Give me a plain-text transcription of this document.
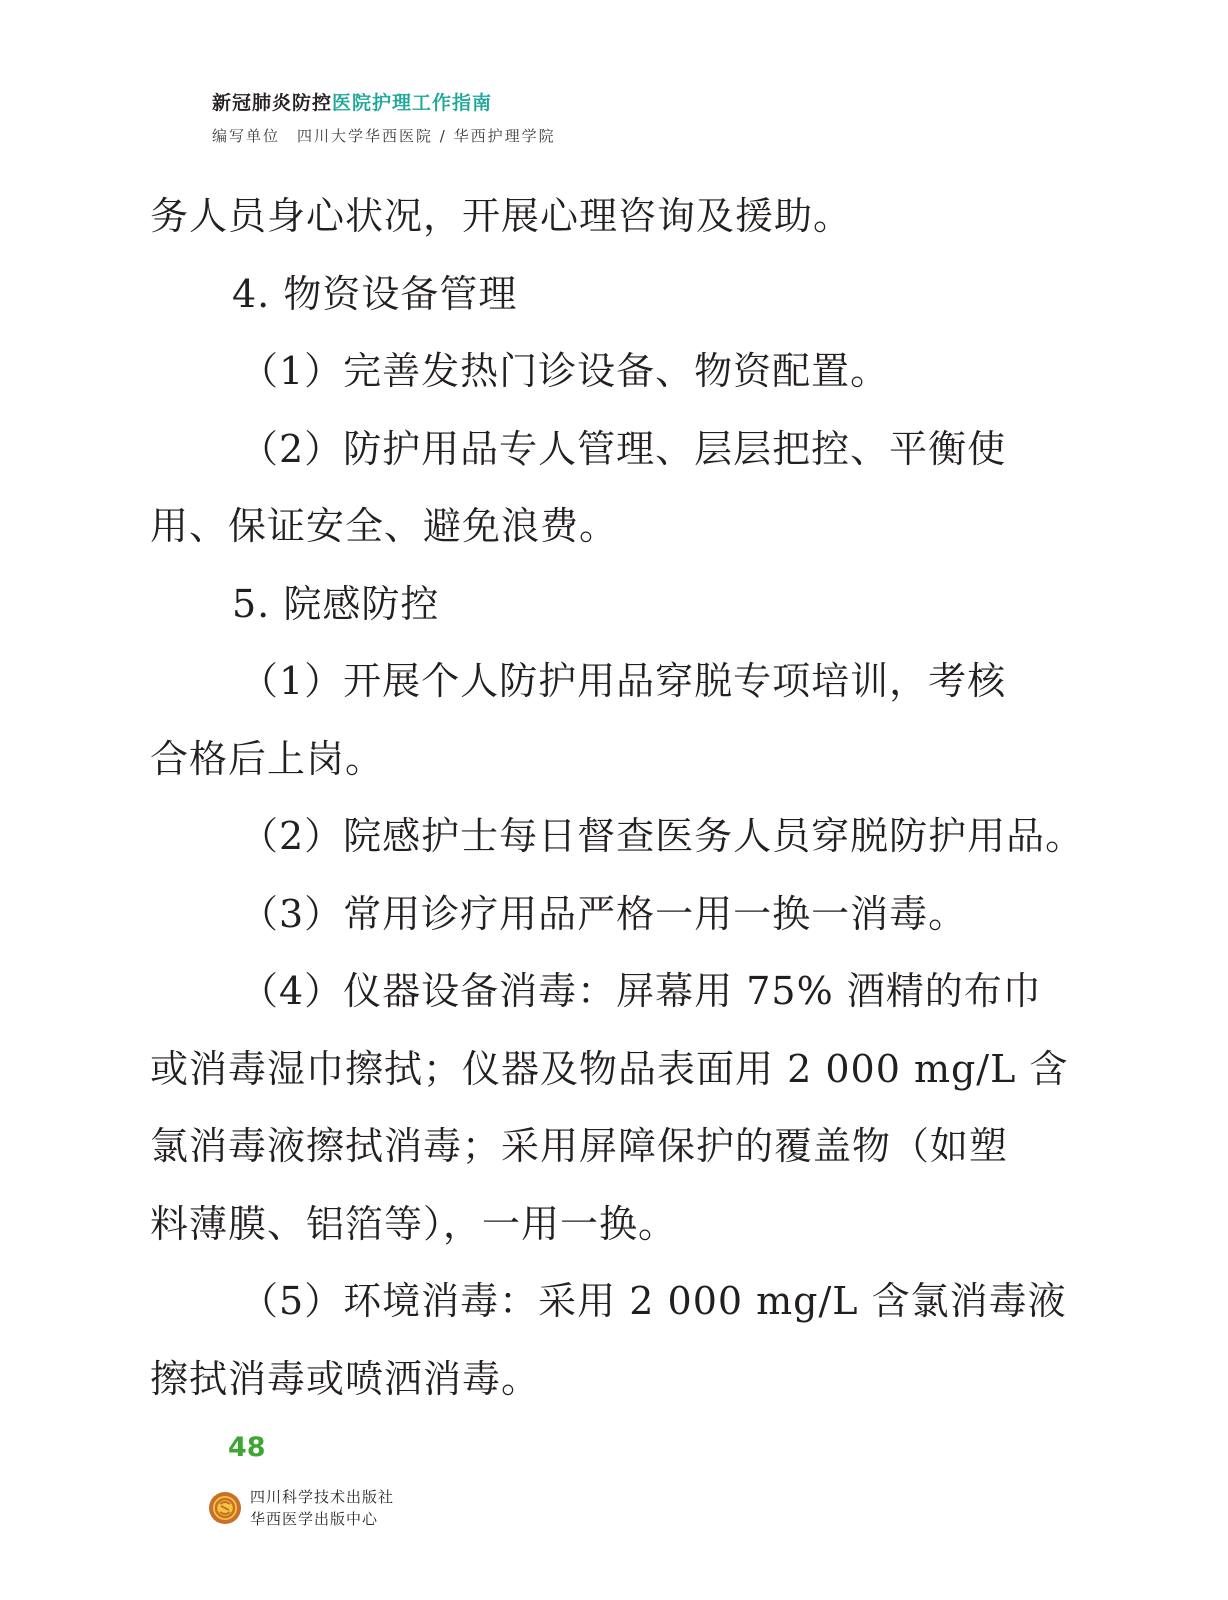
新冠肺炎防控医院护理工作指南
编写单位　四川大学华西医院 / 华西护理学院

务人员身心状况，开展心理咨询及援助。

4. 物资设备管理

（1）完善发热门诊设备、物资配置。

（2）防护用品专人管理、层层把控、平衡使

用、保证安全、避免浪费。

5. 院感防控

（1）开展个人防护用品穿脱专项培训，考核

合格后上岗。

（2）院感护士每日督查医务人员穿脱防护用品。

（3）常用诊疗用品严格一用一换一消毒。

（4）仪器设备消毒：屏幕用 75% 酒精的布巾

或消毒湿巾擦拭；仪器及物品表面用 2 000 mg/L 含

氯消毒液擦拭消毒；采用屏障保护的覆盖物（如塑

料薄膜、铝箔等），一用一换。

（5）环境消毒：采用 2 000 mg/L 含氯消毒液

擦拭消毒或喷洒消毒。

48
四川科学技术出版社
华西医学出版中心
